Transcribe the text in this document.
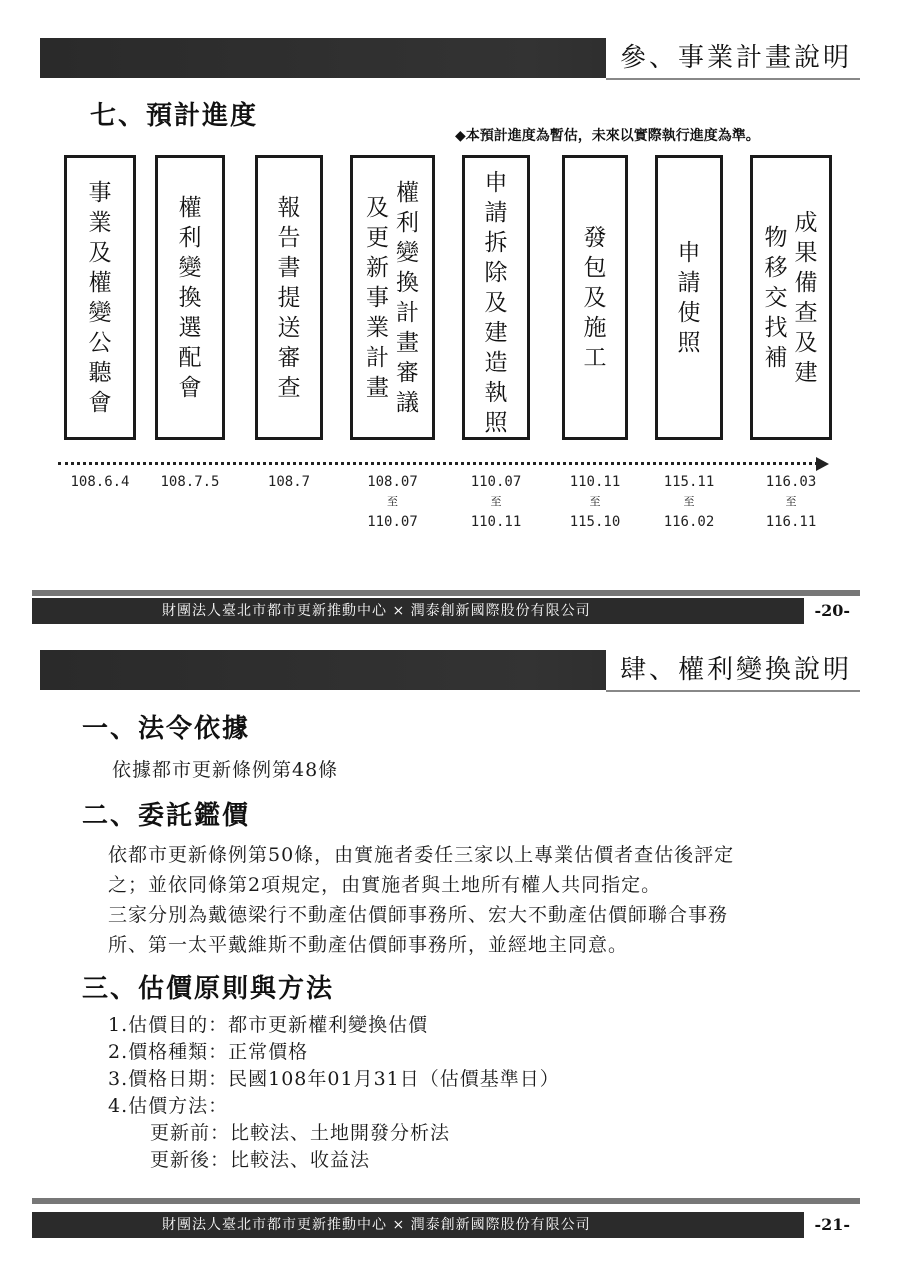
參、事業計畫說明
七、預計進度
◆本預計進度為暫估，未來以實際執行進度為準。
事
業
及
權
變
公
聽
會
權
利
變
換
選
配
會
報
告
書
提
送
審
查
權
利
變
換
計
畫
審
議
及
更
新
事
業
計
畫
申
請
拆
除
及
建
造
執
照
發
包
及
施
工
申
請
使
照
成
果
備
查
及
建
物
移
交
找
補
108.6.4	108.7.5	108.7	108.07
至
110.07
110.07
至
110.11
110.11
至
115.10
115.11
至
116.02
116.03
至
116.11
財團法人臺北市都市更新推動中心 × 潤泰創新國際股份有限公司	-20-
肆、權利變換說明
一、法令依據
依據都市更新條例第48條
二、委託鑑價
依都市更新條例第50條，由實施者委任三家以上專業估價者查估後評定
之；並依同條第2項規定，由實施者與土地所有權人共同指定。
三家分別為戴德梁行不動產估價師事務所、宏大不動產估價師聯合事務
所、第一太平戴維斯不動產估價師事務所，並經地主同意。
三、估價原則與方法
1.估價目的：都市更新權利變換估價
2.價格種類：正常價格
3.價格日期：民國108年01月31日（估價基準日）
4.估價方法：
更新前：比較法、土地開發分析法
更新後：比較法、收益法
財團法人臺北市都市更新推動中心 × 潤泰創新國際股份有限公司	-21-
